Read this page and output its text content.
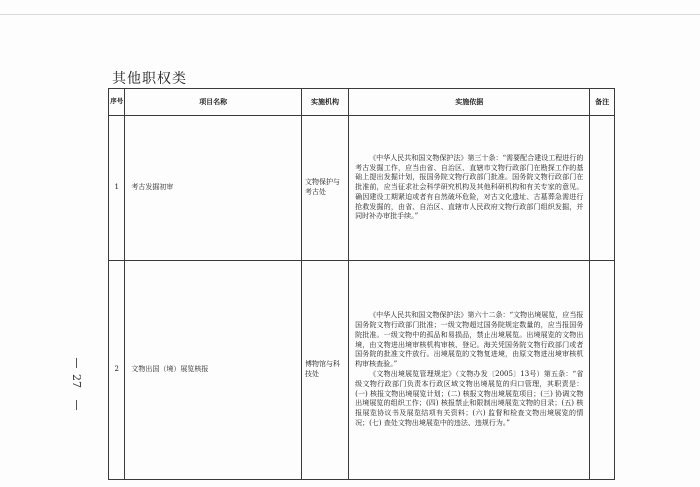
其他职权类
序号	项目名称	实施机构	实施依据	备注
1	考古发掘初审	文物保护与考古处	《中华人民共和国文物保护法》第三十条：“需要配合建设工程进行的考古发掘工作，应当由省、自治区、直辖市文物行政部门在勘探工作的基础上提出发掘计划，报国务院文物行政部门批准。国务院文物行政部门在批准前，应当征求社会科学研究机构及其他科研机构和有关专家的意见。确因建设工期紧迫或者有自然破坏危险，对古文化遗址、古墓葬急需进行抢救发掘的，由省、自治区、直辖市人民政府文物行政部门组织发掘，并同时补办审批手续。”	

2	文物出国（境）展览核报	博物馆与科技处	《中华人民共和国文物保护法》第六十二条：“文物出境展览，应当报国务院文物行政部门批准；一级文物超过国务院规定数量的，应当报国务院批准。一级文物中的孤品和易损品，禁止出境展览。出境展览的文物出境，由文物进出境审核机构审核、登记。海关凭国务院文物行政部门或者国务院的批准文件放行。出境展览的文物复进境，由原文物进出境审核机构审核查验。”

《文物出境展览管理规定》（文物办发〔2005〕13号）第五条：“省级文物行政部门负责本行政区域文物出境展览的归口管理，其职责是：(一) 核报文物出境展览计划；(二) 核报文物出境展览项目；(三) 协调文物出境展览的组织工作；(四) 核报禁止和限制出境展览文物的目录；(五) 核报展览协议书及展览结项有关资料；(六) 监督和检查文物出境展览的情况；(七) 查处文物出境展览中的违法、违规行为。”	

27
